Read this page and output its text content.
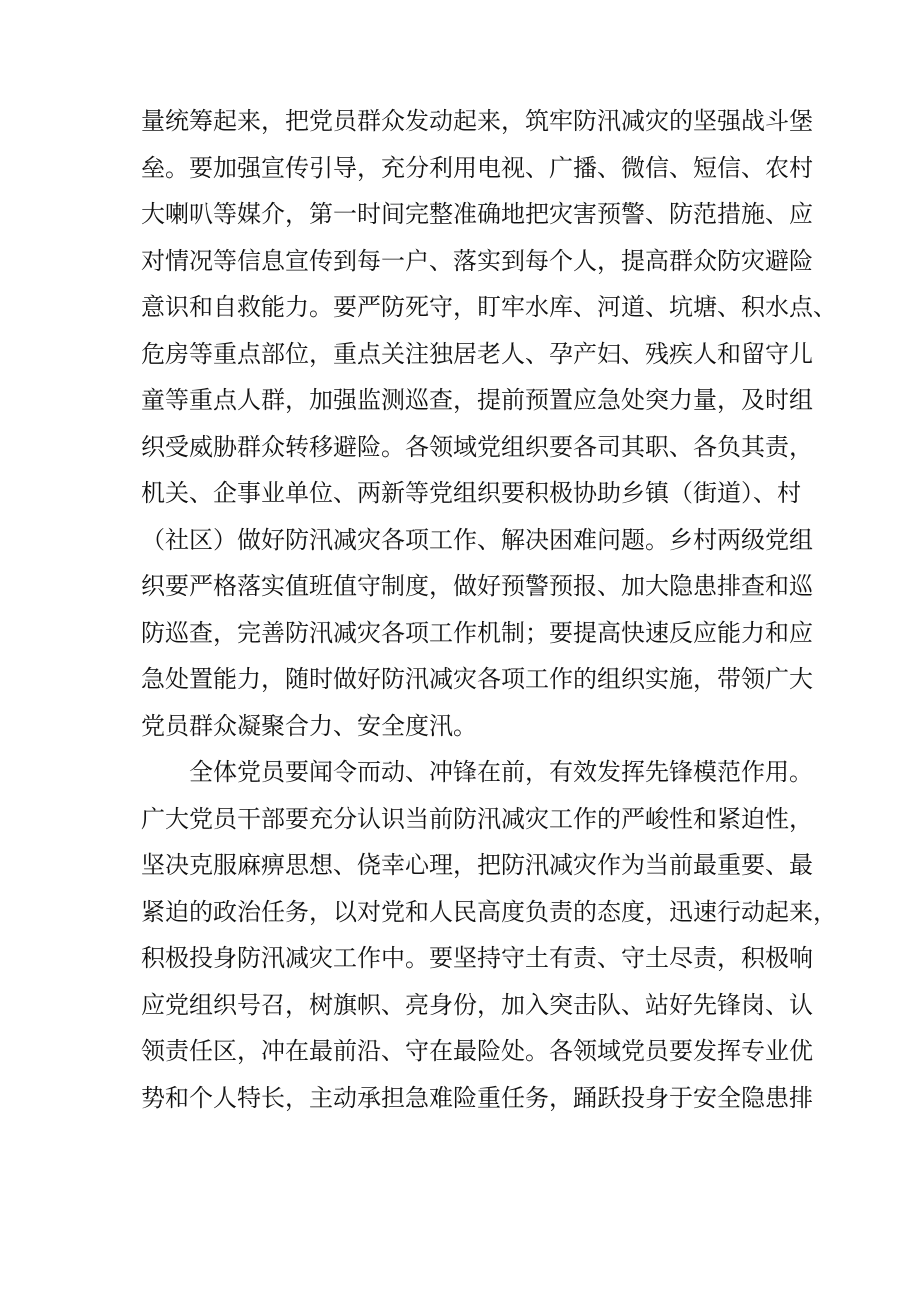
量统筹起来，把党员群众发动起来，筑牢防汛减灾的坚强战斗堡
垒。要加强宣传引导，充分利用电视、广播、微信、短信、农村
大喇叭等媒介，第一时间完整准确地把灾害预警、防范措施、应
对情况等信息宣传到每一户、落实到每个人，提高群众防灾避险
意识和自救能力。要严防死守，盯牢水库、河道、坑塘、积水点、
危房等重点部位，重点关注独居老人、孕产妇、残疾人和留守儿
童等重点人群，加强监测巡查，提前预置应急处突力量，及时组
织受威胁群众转移避险。各领域党组织要各司其职、各负其责，
机关、企事业单位、两新等党组织要积极协助乡镇（街道）、村
（社区）做好防汛减灾各项工作、解决困难问题。乡村两级党组
织要严格落实值班值守制度，做好预警预报、加大隐患排查和巡
防巡查，完善防汛减灾各项工作机制；要提高快速反应能力和应
急处置能力，随时做好防汛减灾各项工作的组织实施，带领广大
党员群众凝聚合力、安全度汛。
全体党员要闻令而动、冲锋在前，有效发挥先锋模范作用。
广大党员干部要充分认识当前防汛减灾工作的严峻性和紧迫性，
坚决克服麻痹思想、侥幸心理，把防汛减灾作为当前最重要、最
紧迫的政治任务，以对党和人民高度负责的态度，迅速行动起来，
积极投身防汛减灾工作中。要坚持守土有责、守土尽责，积极响
应党组织号召，树旗帜、亮身份，加入突击队、站好先锋岗、认
领责任区，冲在最前沿、守在最险处。各领域党员要发挥专业优
势和个人特长，主动承担急难险重任务，踊跃投身于安全隐患排
